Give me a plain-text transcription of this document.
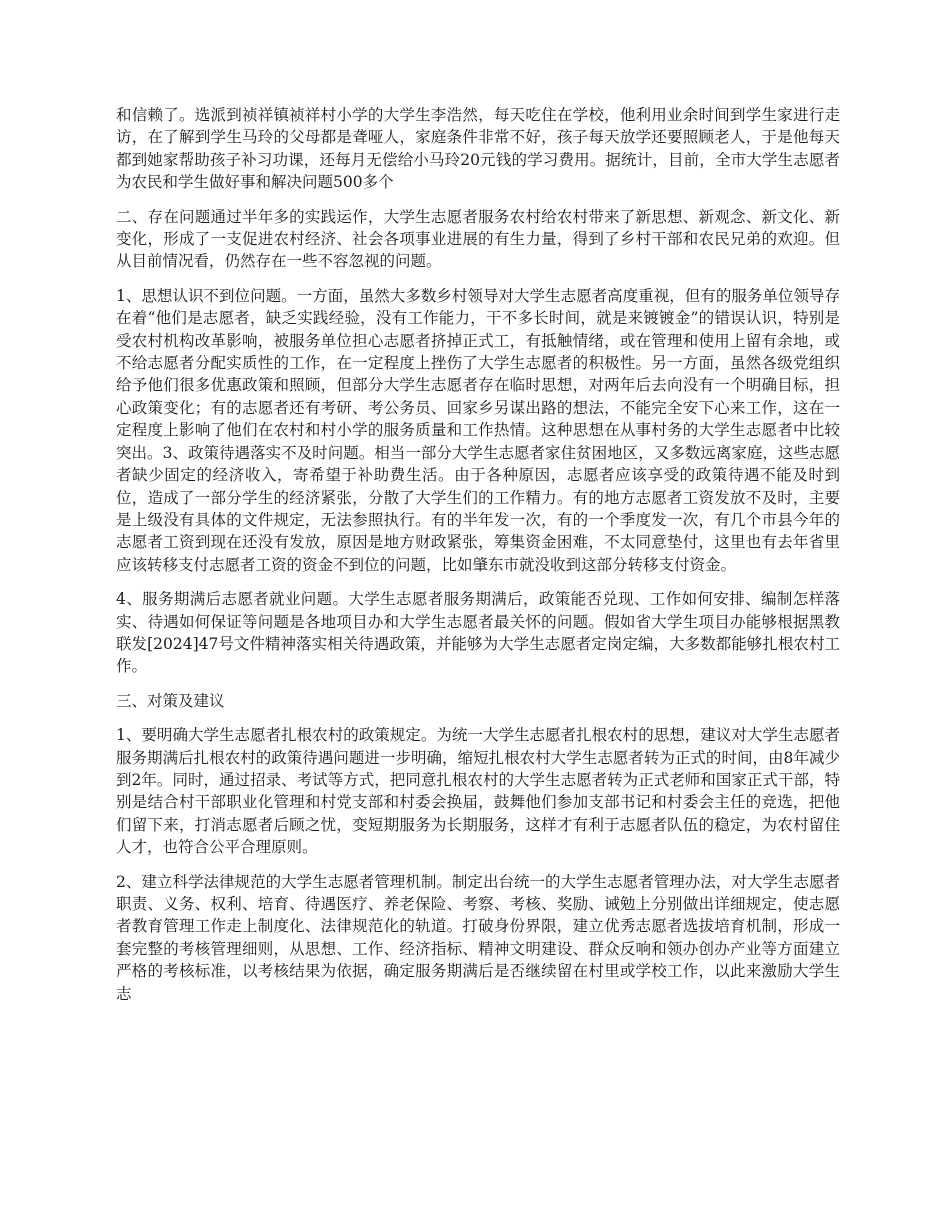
和信赖了。选派到祯祥镇祯祥村小学的大学生李浩然，每天吃住在学校，他利用业余时间到学生家进行走访，在了解到学生马玲的父母都是聋哑人，家庭条件非常不好，孩子每天放学还要照顾老人，于是他每天都到她家帮助孩子补习功课，还每月无偿给小马玲20元钱的学习费用。据统计，目前，全市大学生志愿者为农民和学生做好事和解决问题500多个

二、存在问题通过半年多的实践运作，大学生志愿者服务农村给农村带来了新思想、新观念、新文化、新变化，形成了一支促进农村经济、社会各项事业进展的有生力量，得到了乡村干部和农民兄弟的欢迎。但从目前情况看，仍然存在一些不容忽视的问题。

1、思想认识不到位问题。一方面，虽然大多数乡村领导对大学生志愿者高度重视，但有的服务单位领导存在着“他们是志愿者，缺乏实践经验，没有工作能力，干不多长时间，就是来镀镀金”的错误认识，特别是受农村机构改革影响，被服务单位担心志愿者挤掉正式工，有抵触情绪，或在管理和使用上留有余地，或不给志愿者分配实质性的工作，在一定程度上挫伤了大学生志愿者的积极性。另一方面，虽然各级党组织给予他们很多优惠政策和照顾，但部分大学生志愿者存在临时思想，对两年后去向没有一个明确目标，担心政策变化；有的志愿者还有考研、考公务员、回家乡另谋出路的想法，不能完全安下心来工作，这在一定程度上影响了他们在农村和村小学的服务质量和工作热情。这种思想在从事村务的大学生志愿者中比较突出。3、政策待遇落实不及时问题。相当一部分大学生志愿者家住贫困地区，又多数远离家庭，这些志愿者缺少固定的经济收入，寄希望于补助费生活。由于各种原因，志愿者应该享受的政策待遇不能及时到位，造成了一部分学生的经济紧张，分散了大学生们的工作精力。有的地方志愿者工资发放不及时，主要是上级没有具体的文件规定，无法参照执行。有的半年发一次，有的一个季度发一次，有几个市县今年的志愿者工资到现在还没有发放，原因是地方财政紧张，筹集资金困难，不太同意垫付，这里也有去年省里应该转移支付志愿者工资的资金不到位的问题，比如肇东市就没收到这部分转移支付资金。

4、服务期满后志愿者就业问题。大学生志愿者服务期满后，政策能否兑现、工作如何安排、编制怎样落实、待遇如何保证等问题是各地项目办和大学生志愿者最关怀的问题。假如省大学生项目办能够根据黑教联发[2024]47号文件精神落实相关待遇政策，并能够为大学生志愿者定岗定编，大多数都能够扎根农村工作。

三、对策及建议

1、要明确大学生志愿者扎根农村的政策规定。为统一大学生志愿者扎根农村的思想，建议对大学生志愿者服务期满后扎根农村的政策待遇问题进一步明确，缩短扎根农村大学生志愿者转为正式的时间，由8年减少到2年。同时，通过招录、考试等方式，把同意扎根农村的大学生志愿者转为正式老师和国家正式干部，特别是结合村干部职业化管理和村党支部和村委会换届，鼓舞他们参加支部书记和村委会主任的竞选，把他们留下来，打消志愿者后顾之忧，变短期服务为长期服务，这样才有利于志愿者队伍的稳定，为农村留住人才，也符合公平合理原则。

2、建立科学法律规范的大学生志愿者管理机制。制定出台统一的大学生志愿者管理办法，对大学生志愿者职责、义务、权利、培育、待遇医疗、养老保险、考察、考核、奖励、诫勉上分别做出详细规定，使志愿者教育管理工作走上制度化、法律规范化的轨道。打破身份界限，建立优秀志愿者选拔培育机制，形成一套完整的考核管理细则，从思想、工作、经济指标、精神文明建设、群众反响和领办创办产业等方面建立严格的考核标准，以考核结果为依据，确定服务期满后是否继续留在村里或学校工作，以此来激励大学生志
